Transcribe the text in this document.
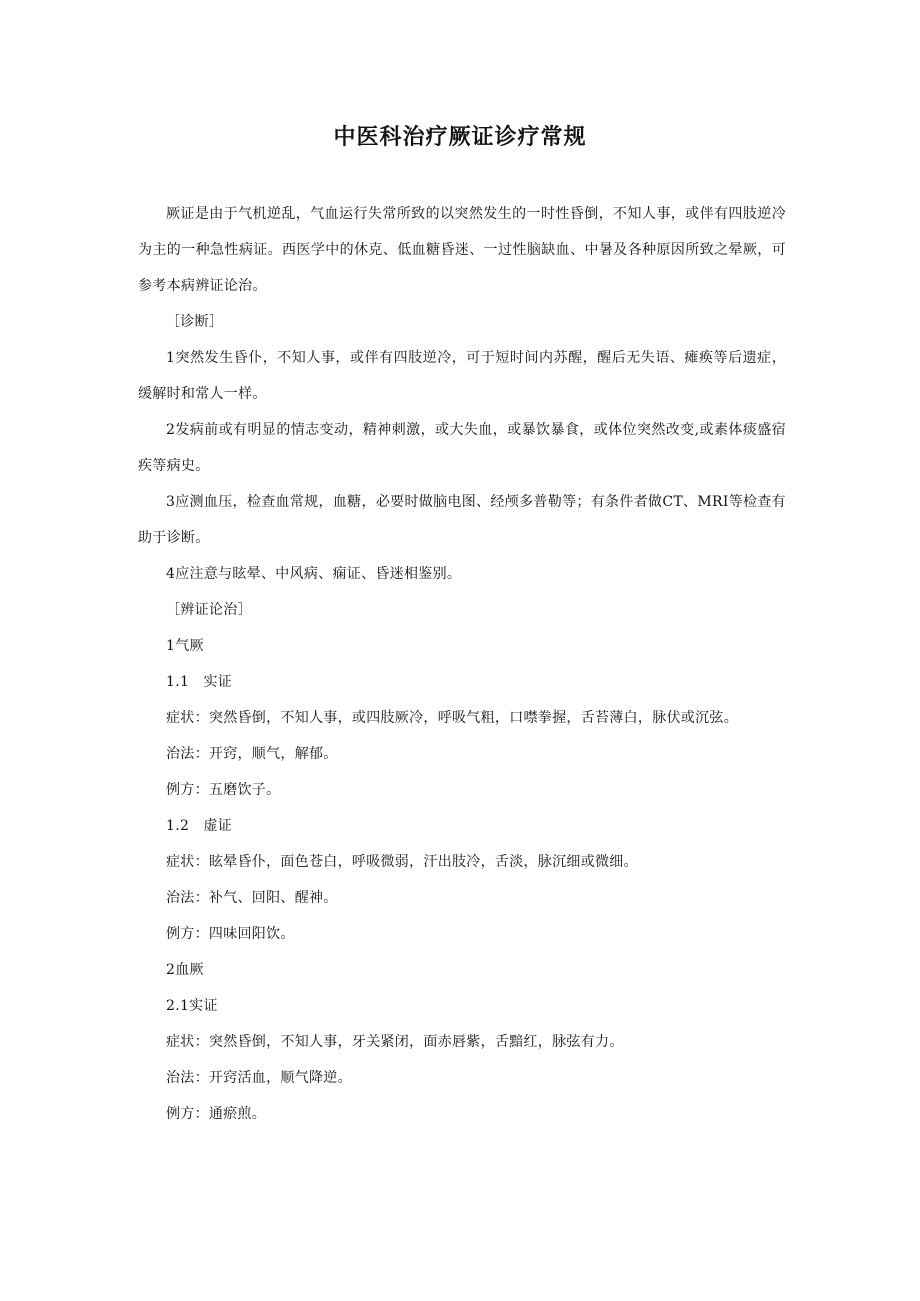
中医科治疗厥证诊疗常规

厥证是由于气机逆乱，气血运行失常所致的以突然发生的一时性昏倒，不知人事，或伴有四肢逆冷为主的一种急性病证。西医学中的休克、低血糖昏迷、一过性脑缺血、中暑及各种原因所致之晕厥，可参考本病辨证论治。

［诊断］

1突然发生昏仆，不知人事，或伴有四肢逆冷，可于短时间内苏醒，醒后无失语、瘫痪等后遗症，缓解时和常人一样。

2发病前或有明显的情志变动，精神刺激，或大失血，或暴饮暴食，或体位突然改变,或素体痰盛宿疾等病史。

3应测血压，检查血常规，血糖，必要时做脑电图、经颅多普勒等；有条件者做CT、MRI等检查有助于诊断。

4应注意与眩晕、中风病、痫证、昏迷相鉴别。

［辨证论治］

1气厥

1.1　实证

症状：突然昏倒，不知人事，或四肢厥冷，呼吸气粗，口噤拳握，舌苔薄白，脉伏或沉弦。

治法：开窍，顺气，解郁。

例方：五磨饮子。

1.2　虚证

症状：眩晕昏仆，面色苍白，呼吸微弱，汗出肢冷，舌淡，脉沉细或微细。

治法：补气、回阳、醒神。

例方：四味回阳饮。

2血厥

2.1实证

症状：突然昏倒，不知人事，牙关紧闭，面赤唇紫，舌黯红，脉弦有力。

治法：开窍活血，顺气降逆。

例方：通瘀煎。
